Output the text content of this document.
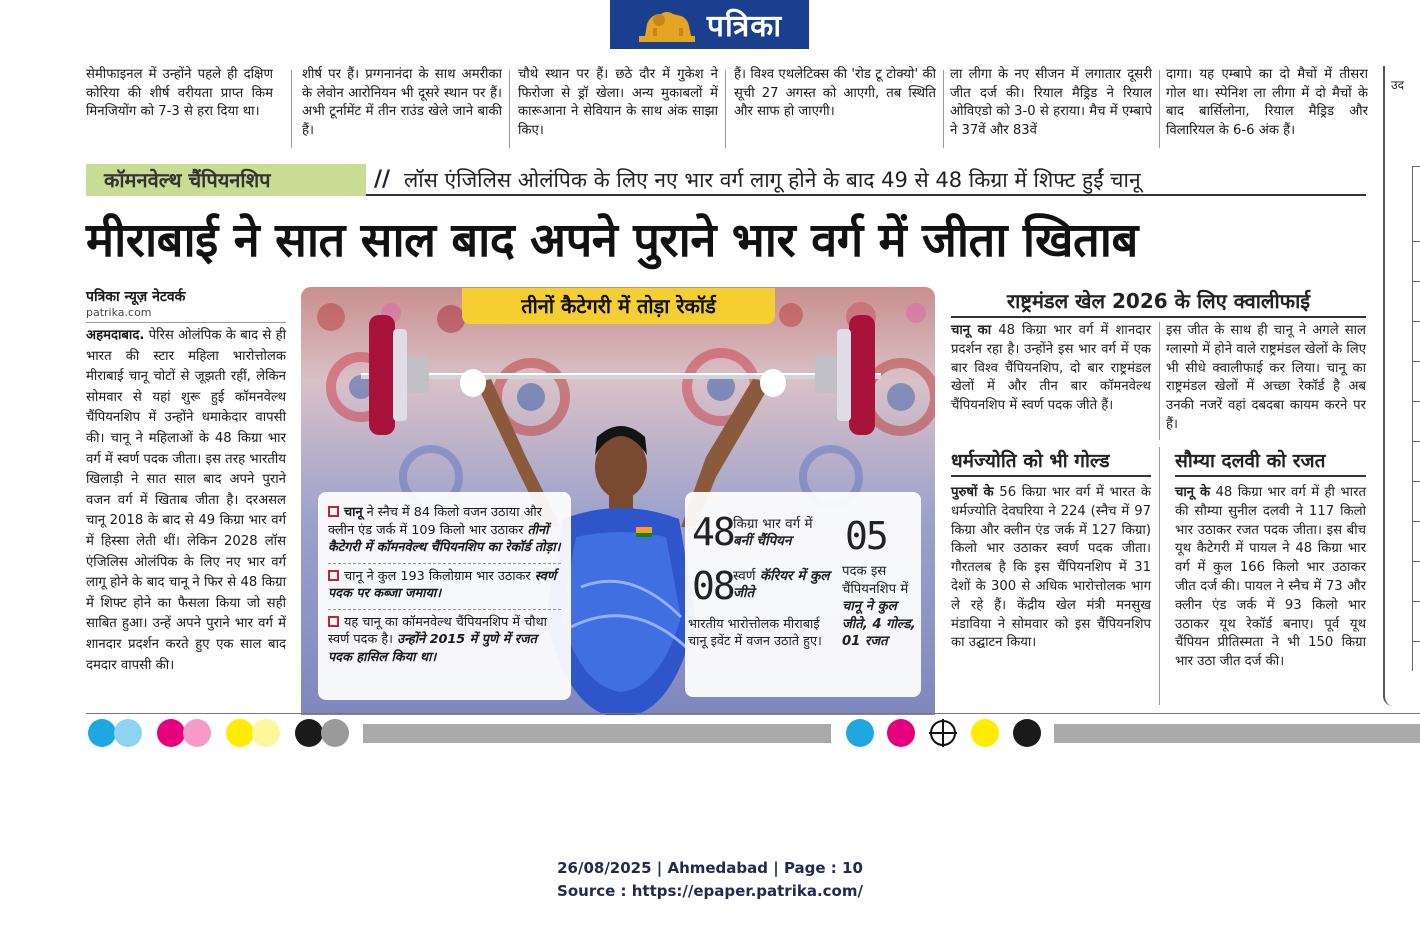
पत्रिका
सेमीफाइनल में उन्होंने पहले ही दक्षिण कोरिया की शीर्ष वरीयता प्राप्त किम मिनजियोंग को 7-3 से हरा दिया था।
शीर्ष पर हैं। प्रग्गनानंदा के साथ अमरीका के लेवोन आरोनियन भी दूसरे स्थान पर हैं। अभी टूर्नामेंट में तीन राउंड खेले जाने बाकी हैं।
चौथे स्थान पर हैं। छठे दौर में गुकेश ने फिरोजा से ड्रॉ खेला। अन्य मुकाबलों में कारूआना ने सेवियान के साथ अंक साझा किए।
हैं। विश्व एथलेटिक्स की 'रोड टू टोक्यो' की सूची 27 अगस्त को आएगी, तब स्थिति और साफ हो जाएगी।
ला लीगा के नए सीजन में लगातार दूसरी जीत दर्ज की। रियाल मैड्रिड ने रियाल ओविएडो को 3-0 से हराया। मैच में एम्बापे ने 37वें और 83वें
दागा। यह एम्बापे का दो मैचों में तीसरा गोल था। स्पेनिश ला लीगा में दो मैचों के बाद बार्सिलोना, रियाल मैड्रिड और विलारियल के 6-6 अंक हैं।
उद
कॉमनवेल्थ चैंपियनशिप	// लॉस एंजिलिस ओलंपिक के लिए नए भार वर्ग लागू होने के बाद 49 से 48 किग्रा में शिफ्ट हुईं चानू
मीराबाई ने सात साल बाद अपने पुराने भार वर्ग में जीता खिताब
पत्रिका न्यूज़ नेटवर्क
patrika.com
अहमदाबाद. पेरिस ओलंपिक के बाद से ही भारत की स्टार महिला भारोत्तोलक मीराबाई चानू चोटों से जूझती रहीं, लेकिन सोमवार से यहां शुरू हुई कॉमनवेल्थ चैंपियनशिप में उन्होंने धमाकेदार वापसी की। चानू ने महिलाओं के 48 किग्रा भार वर्ग में स्वर्ण पदक जीता। इस तरह भारतीय खिलाड़ी ने सात साल बाद अपने पुराने वजन वर्ग में खिताब जीता है। दरअसल चानू 2018 के बाद से 49 किग्रा भार वर्ग में हिस्सा लेती थीं। लेकिन 2028 लॉस एंजिलिस ओलंपिक के लिए नए भार वर्ग लागू होने के बाद चानू ने फिर से 48 किग्रा में शिफ्ट होने का फैसला किया जो सही साबित हुआ। उन्हें अपने पुराने भार वर्ग में शानदार प्रदर्शन करते हुए एक साल बाद दमदार वापसी की।
तीनों कैटेगरी में तोड़ा रेकॉर्ड
चानू ने स्नैच में 84 किलो वजन उठाया और क्लीन एंड जर्क में 109 किलो भार उठाकर तीनों कैटेगरी में कॉमनवेल्थ चैंपियनशिप का रेकॉर्ड तोड़ा।
चानू ने कुल 193 किलोग्राम भार उठाकर स्वर्ण पदक पर कब्जा जमाया।
यह चानू का कॉमनवेल्थ चैंपियनशिप में चौथा स्वर्ण पदक है। उन्होंने 2015 में पुणे में रजत पदक हासिल किया था।
48 किग्रा भार वर्ग में बनीं चैंपियन
08 स्वर्ण कॅरियर में कुल जीते
05
पदक इस चैंपियनशिप में चानू ने कुल जीते, 4 गोल्ड, 01 रजत
भारतीय भारोत्तोलक मीराबाई चानू इवेंट में वजन उठाते हुए।
राष्ट्रमंडल खेल 2026 के लिए क्वालीफाई
चानू का 48 किग्रा भार वर्ग में शानदार प्रदर्शन रहा है। उन्होंने इस भार वर्ग में एक बार विश्व चैंपियनशिप, दो बार राष्ट्रमंडल खेलों में और तीन बार कॉमनवेल्थ चैंपियनशिप में स्वर्ण पदक जीते हैं।
इस जीत के साथ ही चानू ने अगले साल ग्लास्गो में होने वाले राष्ट्रमंडल खेलों के लिए भी सीधे क्वालीफाई कर लिया। चानू का राष्ट्रमंडल खेलों में अच्छा रेकॉर्ड है अब उनकी नजरें वहां दबदबा कायम करने पर हैं।
धर्मज्योति को भी गोल्ड
पुरुषों के 56 किग्रा भार वर्ग में भारत के धर्मज्योति देवघरिया ने 224 (स्नैच में 97 किग्रा और क्लीन एंड जर्क में 127 किग्रा) किलो भार उठाकर स्वर्ण पदक जीता। गौरतलब है कि इस चैंपियनशिप में 31 देशों के 300 से अधिक भारोत्तोलक भाग ले रहे हैं। केंद्रीय खेल मंत्री मनसुख मंडाविया ने सोमवार को इस चैंपियनशिप का उद्घाटन किया।
सौम्या दलवी को रजत
चानू के 48 किग्रा भार वर्ग में ही भारत की सौम्या सुनील दलवी ने 117 किलो भार उठाकर रजत पदक जीता। इस बीच यूथ कैटेगरी में पायल ने 48 किग्रा भार वर्ग में कुल 166 किलो भार उठाकर जीत दर्ज की। पायल ने स्नैच में 73 और क्लीन एंड जर्क में 93 किलो भार उठाकर यूथ रेकॉर्ड बनाए। पूर्व यूथ चैंपियन प्रीतिस्मता ने भी 150 किग्रा भार उठा जीत दर्ज की।
26/08/2025 | Ahmedabad | Page : 10
Source : https://epaper.patrika.com/
